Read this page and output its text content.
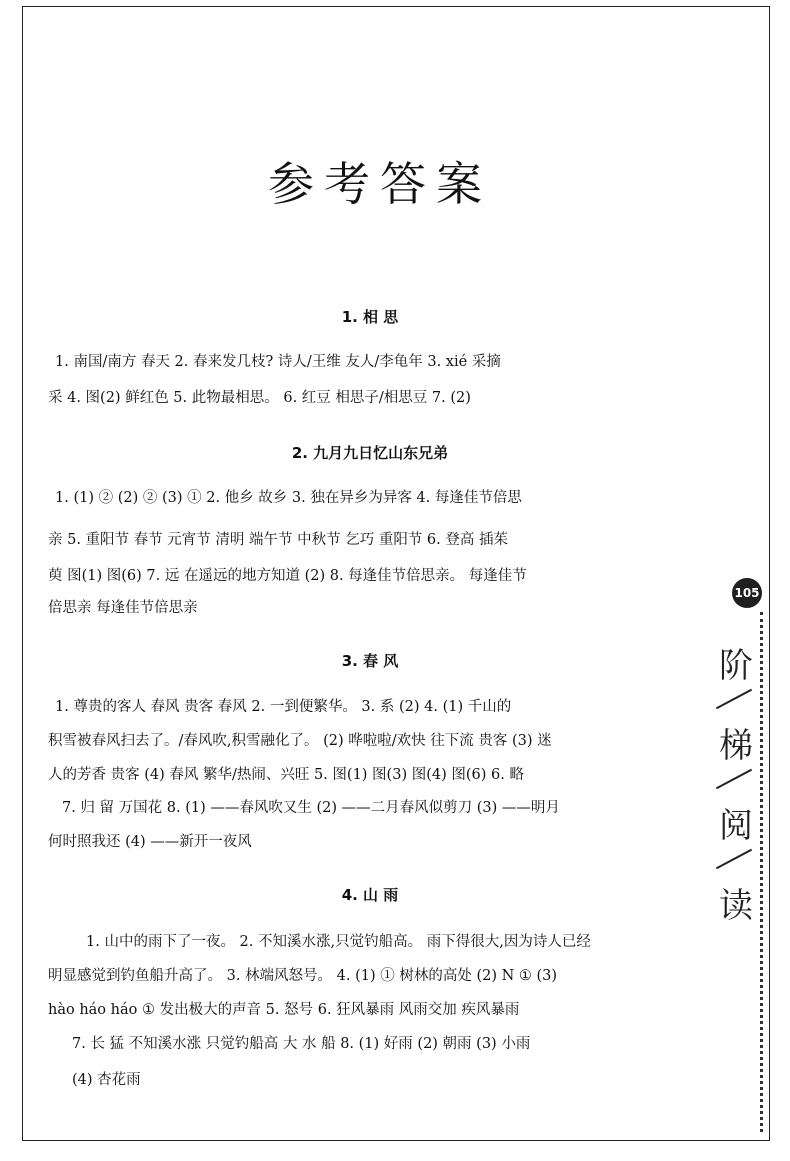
参考答案
1. 相 思
1. 南国/南方 春天 2. 春来发几枝? 诗人/王维 友人/李龟年 3. xié 采摘
采 4. 图(2) 鲜红色 5. 此物最相思。 6. 红豆 相思子/相思豆 7. (2)
2. 九月九日忆山东兄弟
1. (1) ② (2) ② (3) ① 2. 他乡 故乡 3. 独在异乡为异客 4. 每逢佳节倍思
亲 5. 重阳节 春节 元宵节 清明 端午节 中秋节 乞巧 重阳节 6. 登高 插茱
萸 图(1) 图(6) 7. 远 在遥远的地方知道 (2) 8. 每逢佳节倍思亲。 每逢佳节
倍思亲 每逢佳节倍思亲
3. 春 风
1. 尊贵的客人 春风 贵客 春风 2. 一到便繁华。 3. 系 (2) 4. (1) 千山的
积雪被春风扫去了。/春风吹,积雪融化了。 (2) 哗啦啦/欢快 往下流 贵客 (3) 迷
人的芳香 贵客 (4) 春风 繁华/热闹、兴旺 5. 图(1) 图(3) 图(4) 图(6) 6. 略
7. 归 留 万国花 8. (1) ——春风吹又生 (2) ——二月春风似剪刀 (3) ——明月
何时照我还 (4) ——新开一夜风
4. 山 雨
1. 山中的雨下了一夜。 2. 不知溪水涨,只觉钓船高。 雨下得很大,因为诗人已经
明显感觉到钓鱼船升高了。 3. 林端风怒号。 4. (1) ① 树林的高处 (2) N ① (3)
hào háo háo ① 发出极大的声音 5. 怒号 6. 狂风暴雨 风雨交加 疾风暴雨
7. 长 猛 不知溪水涨 只觉钓船高 大 水 船 8. (1) 好雨 (2) 朝雨 (3) 小雨
(4) 杏花雨
105
阶
梯
阅
读
